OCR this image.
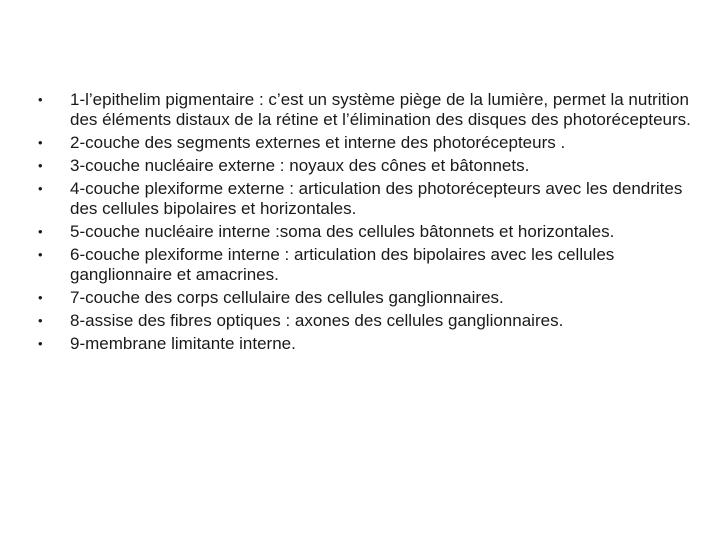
•	1-l’epithelim pigmentaire : c’est un système piège de la lumière, permet la nutrition des éléments distaux de la rétine et l’élimination des disques des photorécepteurs.
•	2-couche des segments externes et interne des photorécepteurs .
•	3-couche nucléaire externe : noyaux des cônes et bâtonnets.
•	4-couche plexiforme externe : articulation des photorécepteurs avec les dendrites des cellules bipolaires et horizontales.
•	5-couche nucléaire interne :soma des cellules bâtonnets et horizontales.
•	6-couche plexiforme interne : articulation des bipolaires avec les cellules ganglionnaire et amacrines.
•	7-couche des corps cellulaire des cellules ganglionnaires.
•	8-assise des fibres optiques : axones des cellules ganglionnaires.
•	9-membrane limitante interne.
